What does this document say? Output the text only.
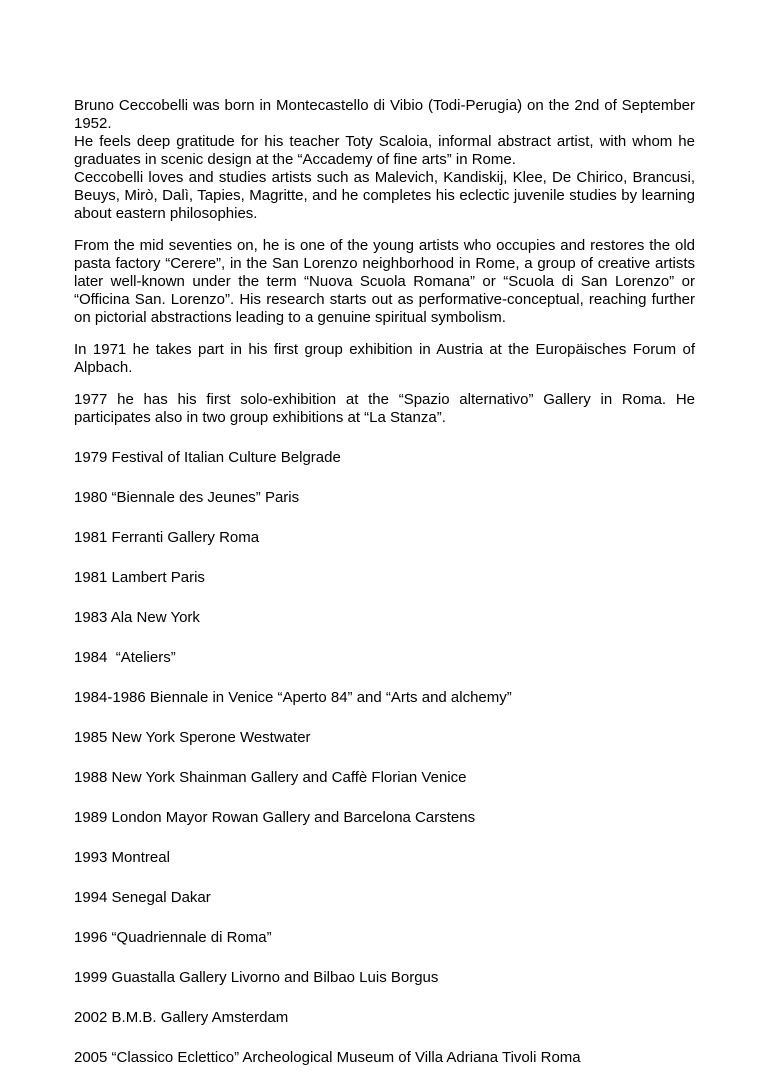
Bruno Ceccobelli was born in Montecastello di Vibio (Todi-Perugia) on the 2nd of September 1952.
He feels deep gratitude for his teacher Toty Scaloia, informal abstract artist, with whom he graduates in scenic design at the “Accademy of fine arts” in Rome.
Ceccobelli loves and studies artists such as Malevich, Kandiskij, Klee, De Chirico, Brancusi, Beuys, Mirò, Dalì, Tapies, Magritte, and he completes his eclectic juvenile studies by learning about eastern philosophies.

From the mid seventies on, he is one of the young artists who occupies and restores the old pasta factory “Cerere”, in the San Lorenzo neighborhood in Rome, a group of creative artists later well-known under the term “Nuova Scuola Romana” or “Scuola di San Lorenzo” or “Officina San. Lorenzo”. His research starts out as performative-conceptual, reaching further on pictorial abstractions leading to a genuine spiritual symbolism.

In 1971 he takes part in his first group exhibition in Austria at the Europäisches Forum of Alpbach.

1977 he has his first solo-exhibition at the “Spazio alternativo” Gallery in Roma. He participates also in two group exhibitions at “La Stanza”.

1979 Festival of Italian Culture Belgrade
1980 “Biennale des Jeunes” Paris
1981 Ferranti Gallery Roma
1981 Lambert Paris
1983 Ala New York
1984  “Ateliers”
1984-1986 Biennale in Venice “Aperto 84” and “Arts and alchemy”
1985 New York Sperone Westwater
1988 New York Shainman Gallery and Caffè Florian Venice
1989 London Mayor Rowan Gallery and Barcelona Carstens
1993 Montreal
1994 Senegal Dakar
1996 “Quadriennale di Roma”
1999 Guastalla Gallery Livorno and Bilbao Luis Borgus
2002 B.M.B. Gallery Amsterdam
2005 “Classico Eclettico” Archeological Museum of Villa Adriana Tivoli Roma
